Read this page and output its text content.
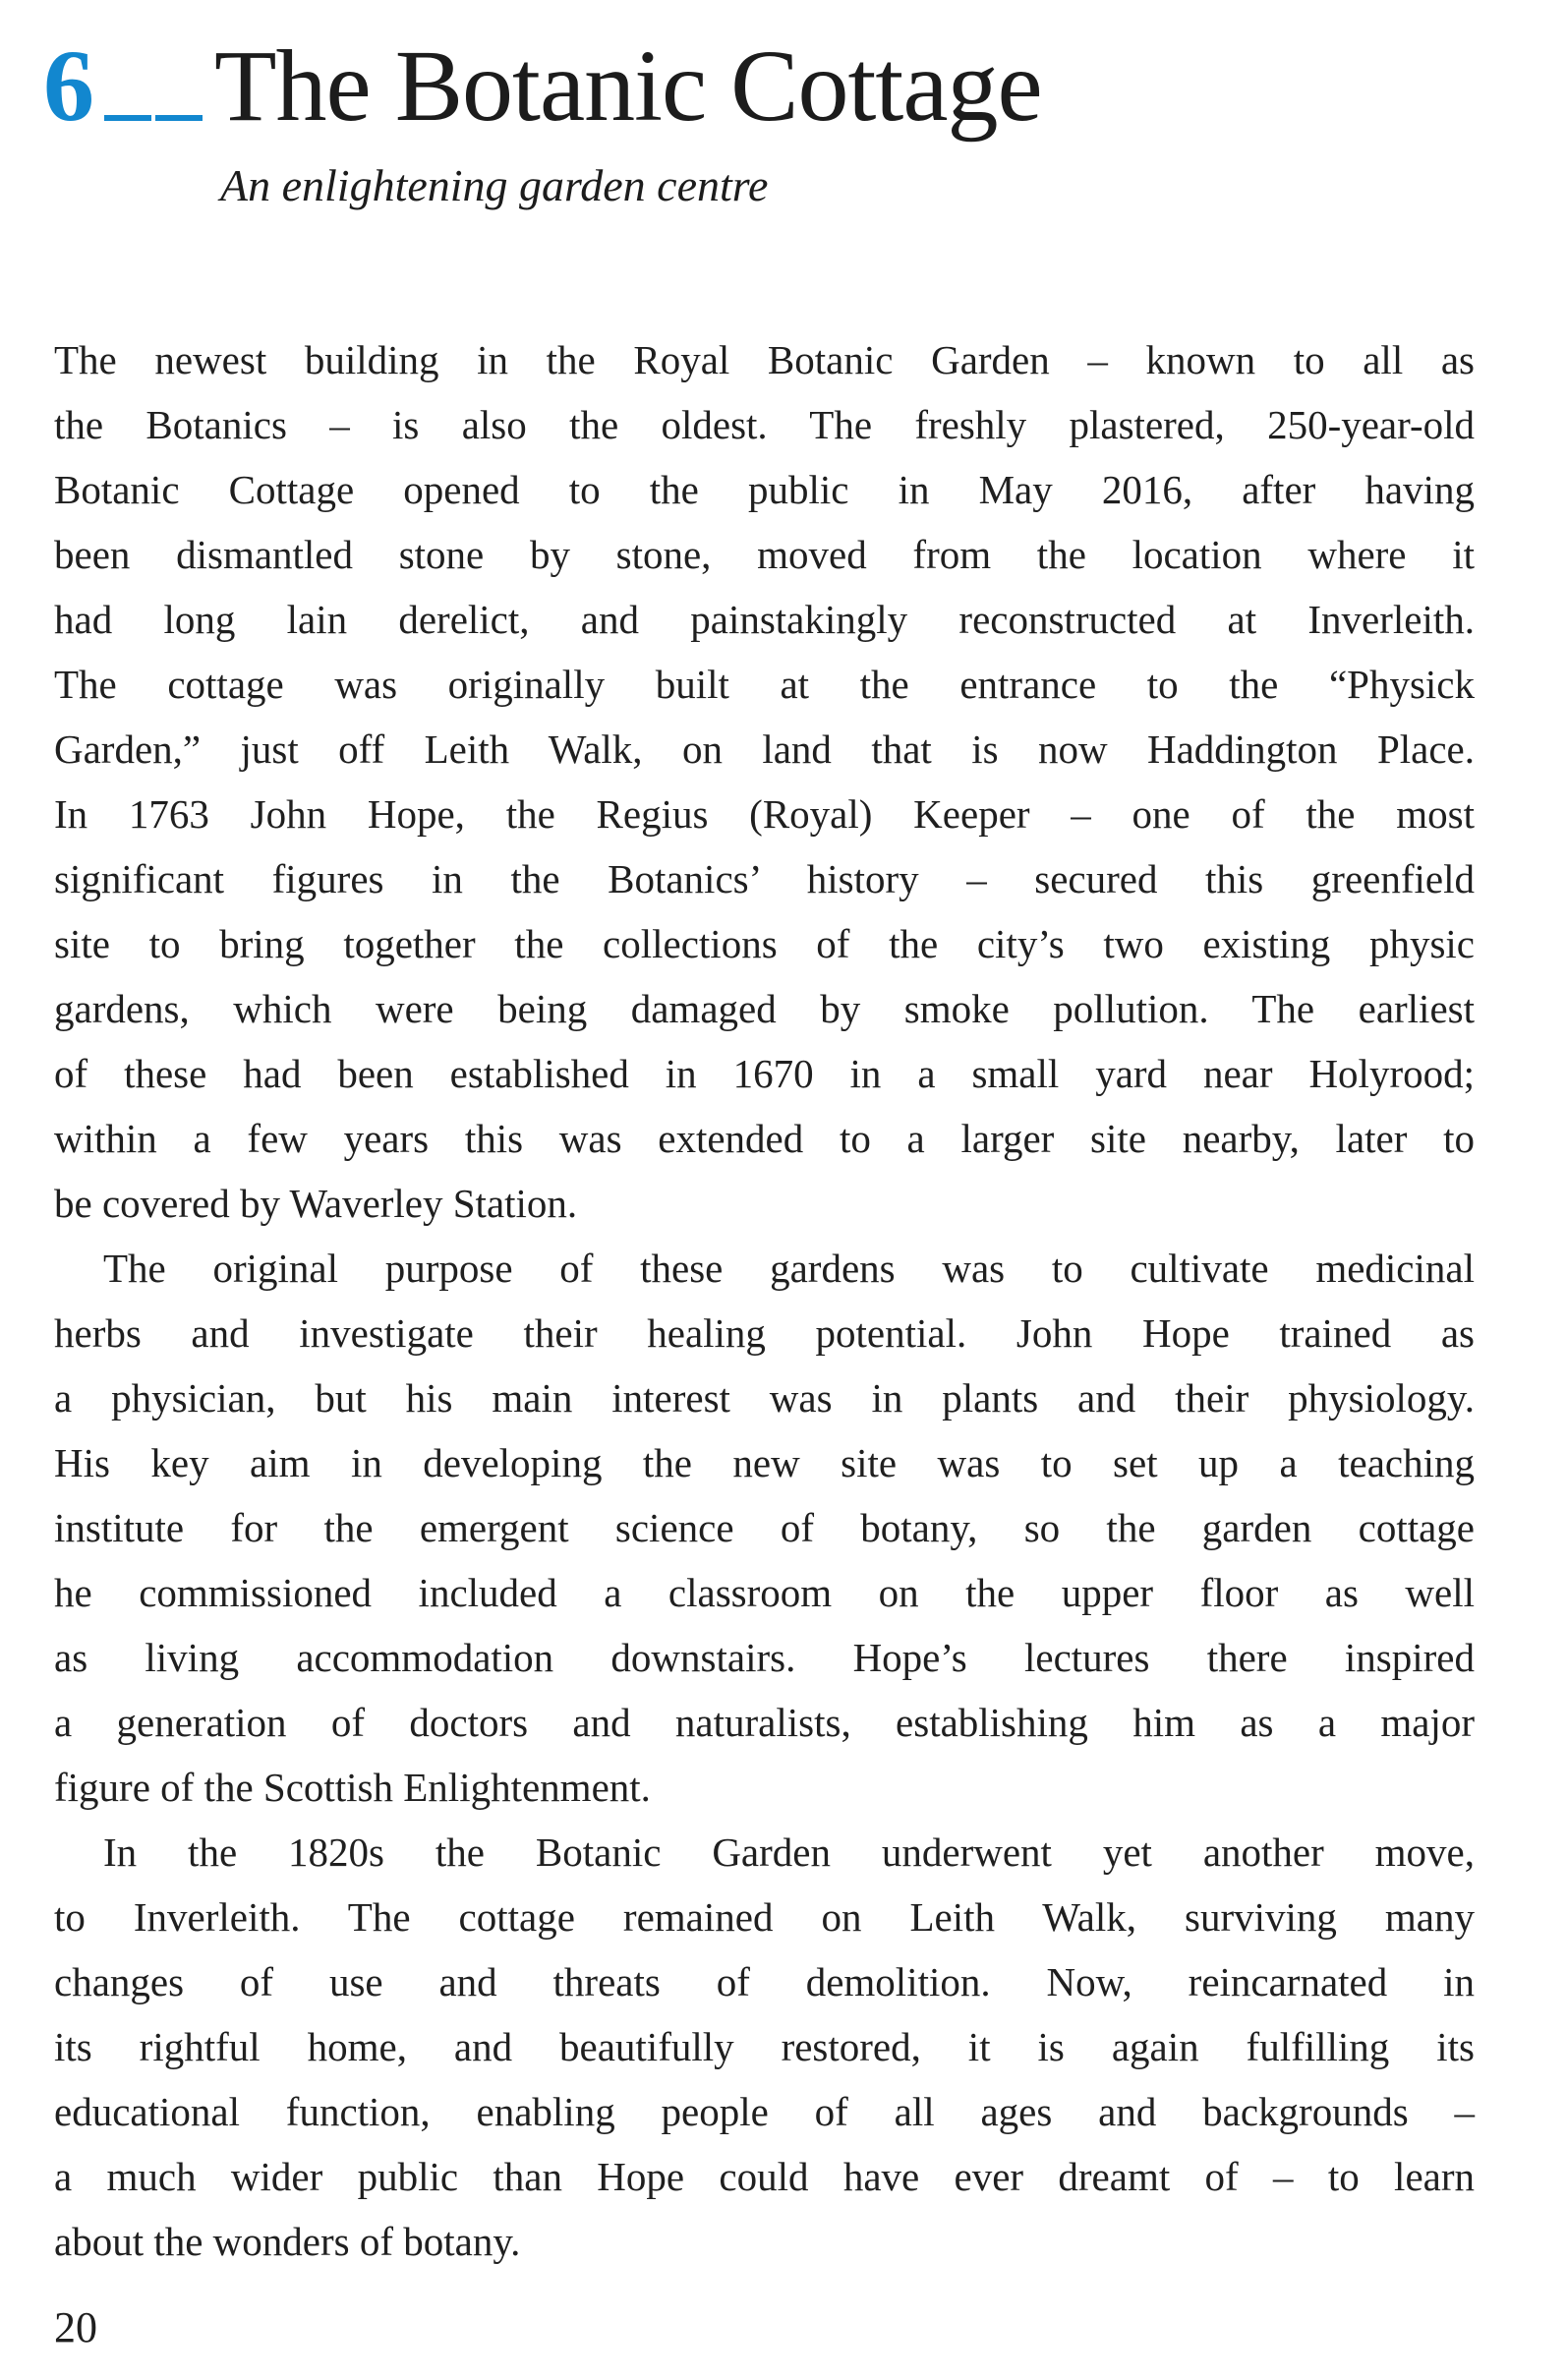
6 The Botanic Cottage
An enlightening garden centre
The newest building in the Royal Botanic Garden – known to all as
the Botanics – is also the oldest. The freshly plastered, 250-year-old
Botanic Cottage opened to the public in May 2016, after having
been dismantled stone by stone, moved from the location where it
had long lain derelict, and painstakingly reconstructed at Inverleith.
The cottage was originally built at the entrance to the “Physick
Garden,” just off Leith Walk, on land that is now Haddington Place.
In 1763 John Hope, the Regius (Royal) Keeper – one of the most
significant figures in the Botanics’ history – secured this greenfield
site to bring together the collections of the city’s two existing physic
gardens, which were being damaged by smoke pollution. The earliest
of these had been established in 1670 in a small yard near Holyrood;
within a few years this was extended to a larger site nearby, later to
be covered by Waverley Station.
The original purpose of these gardens was to cultivate medicinal
herbs and investigate their healing potential. John Hope trained as
a physician, but his main interest was in plants and their physiology.
His key aim in developing the new site was to set up a teaching
institute for the emergent science of botany, so the garden cottage
he commissioned included a classroom on the upper floor as well
as living accommodation downstairs. Hope’s lectures there inspired
a generation of doctors and naturalists, establishing him as a major
figure of the Scottish Enlightenment.
In the 1820s the Botanic Garden underwent yet another move,
to Inverleith. The cottage remained on Leith Walk, surviving many
changes of use and threats of demolition. Now, reincarnated in
its rightful home, and beautifully restored, it is again fulfilling its
educational function, enabling people of all ages and backgrounds –
a much wider public than Hope could have ever dreamt of – to learn
about the wonders of botany.
20
